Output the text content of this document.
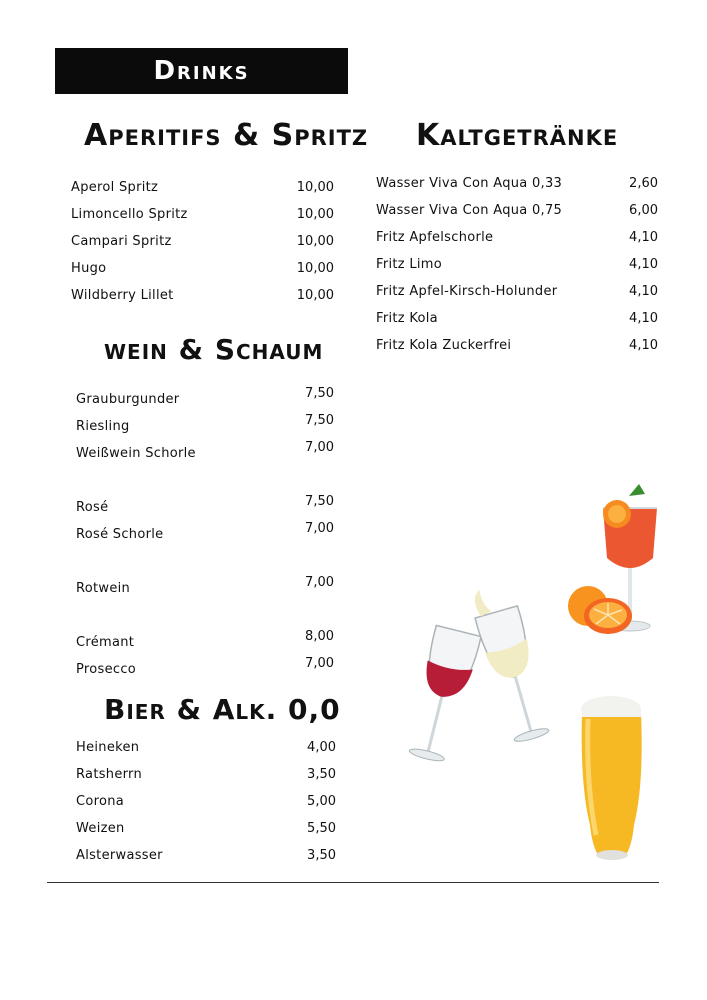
Drinks
Aperitifs & Spritz
Aperol Spritz	10,00
Limoncello Spritz	10,00
Campari Spritz	10,00
Hugo	10,00
Wildberry Lillet	10,00
wein & Schaum
Grauburgunder	7,50
Riesling	7,50
Weißwein Schorle	7,00
Rosé	7,50
Rosé Schorle	7,00
Rotwein	7,00
Crémant	8,00
Prosecco	7,00
Bier & Alk. 0,0
Heineken	4,00
Ratsherrn	3,50
Corona	5,00
Weizen	5,50
Alsterwasser	3,50
Kaltgetränke
Wasser Viva Con Aqua 0,33	2,60
Wasser Viva Con Aqua 0,75	6,00
Fritz Apfelschorle	4,10
Fritz Limo	4,10
Fritz Apfel-Kirsch-Holunder	4,10
Fritz Kola	4,10
Fritz Kola Zuckerfrei	4,10
